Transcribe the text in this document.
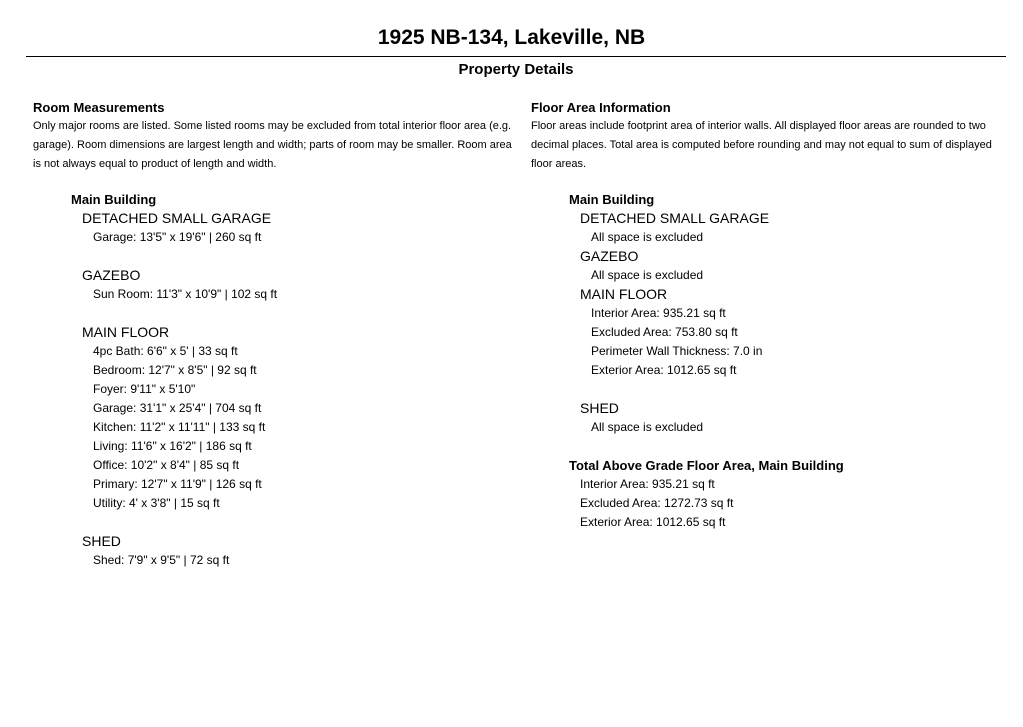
1925 NB-134, Lakeville, NB
Property Details
Room Measurements
Only major rooms are listed. Some listed rooms may be excluded from total interior floor area (e.g. garage). Room dimensions are largest length and width; parts of room may be smaller. Room area is not always equal to product of length and width.
Main Building
DETACHED SMALL GARAGE
Garage: 13'5" x 19'6" | 260 sq ft
GAZEBO
Sun Room: 11'3" x 10'9" | 102 sq ft
MAIN FLOOR
4pc Bath: 6'6" x 5' | 33 sq ft
Bedroom: 12'7" x 8'5" | 92 sq ft
Foyer: 9'11" x 5'10"
Garage: 31'1" x 25'4" | 704 sq ft
Kitchen: 11'2" x 11'11" | 133 sq ft
Living: 11'6" x 16'2" | 186 sq ft
Office: 10'2" x 8'4" | 85 sq ft
Primary: 12'7" x 11'9" | 126 sq ft
Utility: 4' x 3'8" | 15 sq ft
SHED
Shed: 7'9" x 9'5" | 72 sq ft
Floor Area Information
Floor areas include footprint area of interior walls. All displayed floor areas are rounded to two decimal places. Total area is computed before rounding and may not equal to sum of displayed floor areas.
Main Building
DETACHED SMALL GARAGE
All space is excluded
GAZEBO
All space is excluded
MAIN FLOOR
Interior Area: 935.21 sq ft
Excluded Area: 753.80 sq ft
Perimeter Wall Thickness: 7.0 in
Exterior Area: 1012.65 sq ft
SHED
All space is excluded
Total Above Grade Floor Area, Main Building
Interior Area: 935.21 sq ft
Excluded Area: 1272.73 sq ft
Exterior Area: 1012.65 sq ft
